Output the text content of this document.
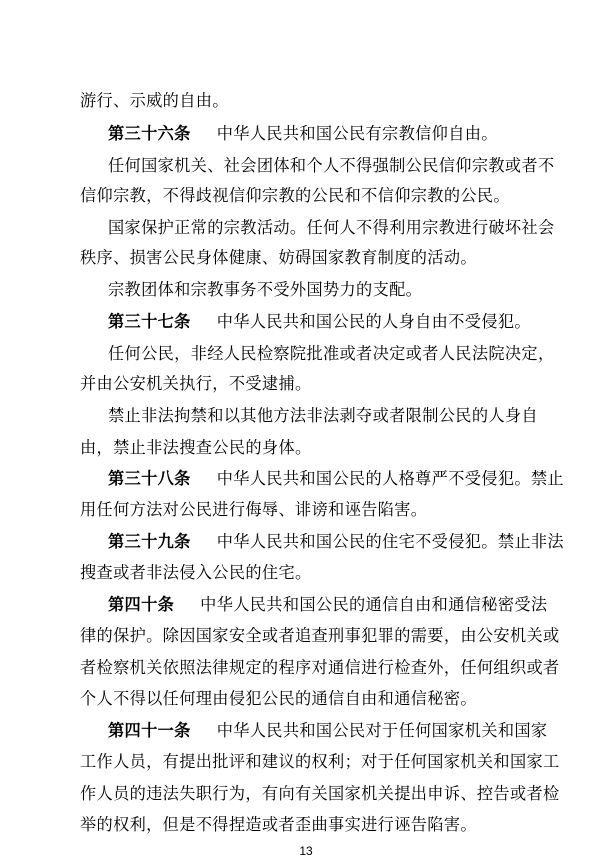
游行、示威的自由。
第三十六条 中华人民共和国公民有宗教信仰自由。
任何国家机关、社会团体和个人不得强制公民信仰宗教或者不
信仰宗教，不得歧视信仰宗教的公民和不信仰宗教的公民。
国家保护正常的宗教活动。任何人不得利用宗教进行破坏社会
秩序、损害公民身体健康、妨碍国家教育制度的活动。
宗教团体和宗教事务不受外国势力的支配。
第三十七条 中华人民共和国公民的人身自由不受侵犯。
任何公民，非经人民检察院批准或者决定或者人民法院决定，
并由公安机关执行，不受逮捕。
禁止非法拘禁和以其他方法非法剥夺或者限制公民的人身自
由，禁止非法搜查公民的身体。
第三十八条 中华人民共和国公民的人格尊严不受侵犯。禁止
用任何方法对公民进行侮辱、诽谤和诬告陷害。
第三十九条 中华人民共和国公民的住宅不受侵犯。禁止非法
搜查或者非法侵入公民的住宅。
第四十条 中华人民共和国公民的通信自由和通信秘密受法
律的保护。除因国家安全或者追查刑事犯罪的需要，由公安机关或
者检察机关依照法律规定的程序对通信进行检查外，任何组织或者
个人不得以任何理由侵犯公民的通信自由和通信秘密。
第四十一条 中华人民共和国公民对于任何国家机关和国家
工作人员，有提出批评和建议的权利；对于任何国家机关和国家工
作人员的违法失职行为，有向有关国家机关提出申诉、控告或者检
举的权利，但是不得捏造或者歪曲事实进行诬告陷害。
13
